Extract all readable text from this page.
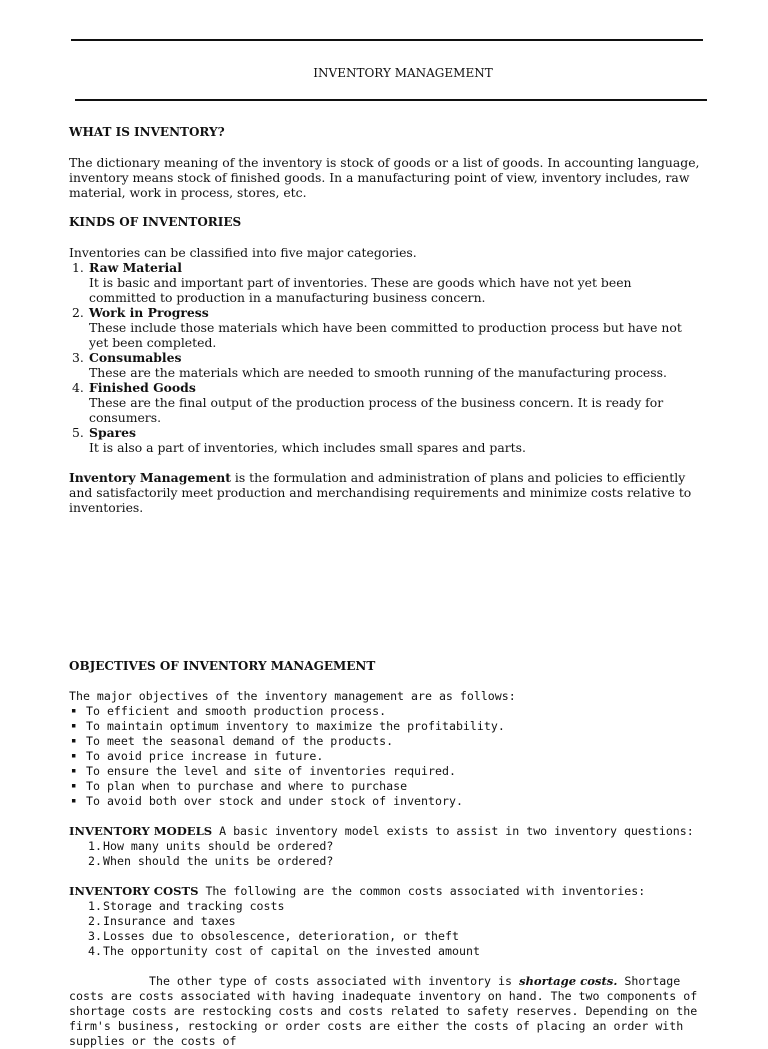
INVENTORY MANAGEMENT

WHAT IS INVENTORY?

The dictionary meaning of the inventory is stock of goods or a list of goods. In accounting language, inventory means stock of finished goods. In a manufacturing point of view, inventory includes, raw material, work in process, stores, etc.

KINDS OF INVENTORIES

Inventories can be classified into five major categories.

1. Raw Material
It is basic and important part of inventories. These are goods which have not yet been committed to production in a manufacturing business concern.
2. Work in Progress
These include those materials which have been committed to production process but have not yet been completed.
3. Consumables
These are the materials which are needed to smooth running of the manufacturing process.
4. Finished Goods
These are the final output of the production process of the business concern. It is ready for consumers.
5. Spares
It is also a part of inventories, which includes small spares and parts.

Inventory Management is the formulation and administration of plans and policies to efficiently and satisfactorily meet production and merchandising requirements and minimize costs relative to inventories.

OBJECTIVES OF INVENTORY MANAGEMENT

The major objectives of the inventory management are as follows:

▪ To efficient and smooth production process.
▪ To maintain optimum inventory to maximize the profitability.
▪ To meet the seasonal demand of the products.
▪ To avoid price increase in future.
▪ To ensure the level and site of inventories required.
▪ To plan when to purchase and where to purchase
▪ To avoid both over stock and under stock of inventory.

INVENTORY MODELS A basic inventory model exists to assist in two inventory questions:

1. How many units should be ordered?
2. When should the units be ordered?

INVENTORY COSTS The following are the common costs associated with inventories:

1. Storage and tracking costs
2. Insurance and taxes
3. Losses due to obsolescence, deterioration, or theft
4. The opportunity cost of capital on the invested amount

The other type of costs associated with inventory is shortage costs. Shortage costs are costs associated with having inadequate inventory on hand. The two components of shortage costs are restocking costs and costs related to safety reserves. Depending on the firm's business, restocking or order costs are either the costs of placing an order with supplies or the costs of
